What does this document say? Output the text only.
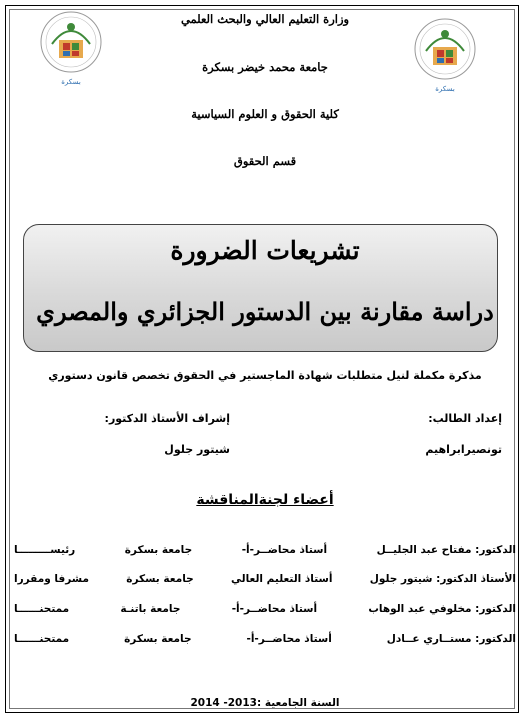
بسكرة
بسكرة
وزارة التعليم العالي والبحث العلمي
جامعة محمد خيضر بسكرة
كلية الحقوق و العلوم السياسية
قسم الحقوق
تشريعات الضرورة
دراسة مقارنة بين الدستور الجزائري والمصري
مذكرة مكملة لنيل متطلبات شهادة الماجستير في الحقوق تخصص قانون دستوري
إعداد الطالب:
إشراف الأستاذ الدكتور:
تونصيرابراهيم
شيتور جلول
أعضاء لجنةالمناقشة
الدكتور: مفتاح عبد الجليــل
أستاذ محاضــر-أ-
جامعة بسكرة
رئيســـــــــا
الأستاذ الدكتور: شيتور جلول
أستاذ التعليم العالي
جامعة بسكرة
مشرفا ومقررا
الدكتور: مخلوفي عبد الوهاب
أستاذ محاضــر-أ-
جامعة باتنـة
ممتحنــــــا
الدكتور: مستــاري عــادل
أستاذ محاضــر-أ-
جامعة بسكرة
ممتحنــــــا
السنة الجامعية :2013- 2014
